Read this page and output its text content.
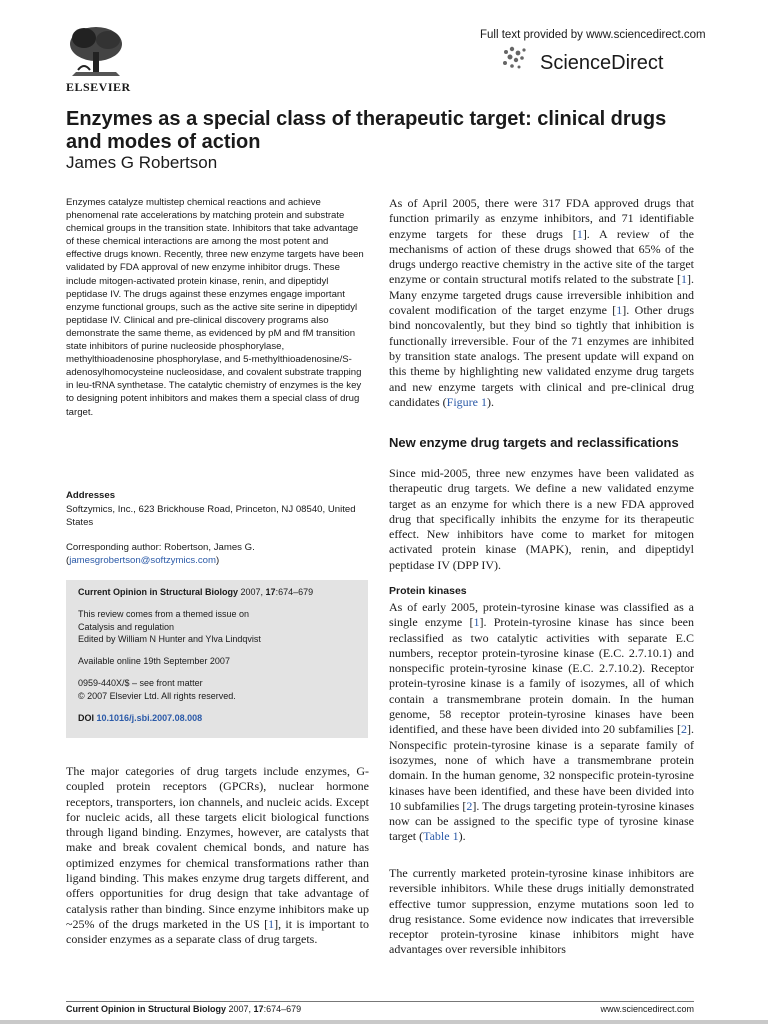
ELSEVIER
Full text provided by www.sciencedirect.com
ScienceDirect
Enzymes as a special class of therapeutic target: clinical drugs and modes of action
James G Robertson

Enzymes catalyze multistep chemical reactions and achieve phenomenal rate accelerations by matching protein and substrate chemical groups in the transition state. Inhibitors that take advantage of these chemical interactions are among the most potent and effective drugs known. Recently, three new enzyme targets have been validated by FDA approval of new enzyme inhibitor drugs. These include mitogen-activated protein kinase, renin, and dipeptidyl peptidase IV. The drugs against these enzymes engage important enzyme functional groups, such as the active site serine in dipeptidyl peptidase IV. Clinical and pre-clinical discovery programs also demonstrate the same theme, as evidenced by pM and fM transition state inhibitors of purine nucleoside phosphorylase, methylthioadenosine phosphorylase, and 5-methylthioadenosine/S-adenosylhomocysteine nucleosidase, and covalent substrate trapping in leu-tRNA synthetase. The catalytic chemistry of enzymes is the key to designing potent inhibitors and makes them a special class of drug target.

Addresses

Softzymics, Inc., 623 Brickhouse Road, Princeton, NJ 08540, United States

Corresponding author: Robertson, James G.
(jamesgrobertson@softzymics.com)

Current Opinion in Structural Biology 2007, 17:674–679

This review comes from a themed issue on

Catalysis and regulation

Edited by William N Hunter and Ylva Lindqvist

Available online 19th September 2007

0959-440X/$ – see front matter

© 2007 Elsevier Ltd. All rights reserved.

DOI 10.1016/j.sbi.2007.08.008

The major categories of drug targets include enzymes, G-coupled protein receptors (GPCRs), nuclear hormone receptors, transporters, ion channels, and nucleic acids. Except for nucleic acids, all these targets elicit biological functions through ligand binding. Enzymes, however, are catalysts that make and break covalent chemical bonds, and nature has optimized enzymes for chemical transformations rather than ligand binding. This makes enzyme drug targets different, and offers opportunities for drug design that take advantage of catalysis rather than binding. Since enzyme inhibitors make up ~25% of the drugs marketed in the US [1], it is important to consider enzymes as a separate class of drug targets.

As of April 2005, there were 317 FDA approved drugs that function primarily as enzyme inhibitors, and 71 identifiable enzyme targets for these drugs [1]. A review of the mechanisms of action of these drugs showed that 65% of the drugs undergo reactive chemistry in the active site of the target enzyme or contain structural motifs related to the substrate [1]. Many enzyme targeted drugs cause irreversible inhibition and covalent modification of the target enzyme [1]. Other drugs bind noncovalently, but they bind so tightly that inhibition is functionally irreversible. Four of the 71 enzymes are inhibited by transition state analogs. The present update will expand on this theme by highlighting new validated enzyme drug targets and new enzyme targets with clinical and pre-clinical drug candidates (Figure 1).

New enzyme drug targets and reclassifications

Since mid-2005, three new enzymes have been validated as therapeutic drug targets. We define a new validated enzyme target as an enzyme for which there is a new FDA approved drug that specifically inhibits the enzyme for its therapeutic effect. New inhibitors have come to market for mitogen activated protein kinase (MAPK), renin, and dipeptidyl peptidase IV (DPP IV).

Protein kinases

As of early 2005, protein-tyrosine kinase was classified as a single enzyme [1]. Protein-tyrosine kinase has since been reclassified as two catalytic activities with separate E.C numbers, receptor protein-tyrosine kinase (E.C. 2.7.10.1) and nonspecific protein-tyrosine kinase (E.C. 2.7.10.2). Receptor protein-tyrosine kinase is a family of isozymes, all of which contain a transmembrane protein domain. In the human genome, 58 receptor protein-tyrosine kinases have been identified, and these have been divided into 20 subfamilies [2]. Nonspecific protein-tyrosine kinase is a separate family of isozymes, none of which have a transmembrane protein domain. In the human genome, 32 nonspecific protein-tyrosine kinases have been identified, and these have been divided into 10 subfamilies [2]. The drugs targeting protein-tyrosine kinases now can be assigned to the specific type of tyrosine kinase target (Table 1).

The currently marketed protein-tyrosine kinase inhibitors are reversible inhibitors. While these drugs initially demonstrated effective tumor suppression, enzyme mutations soon led to drug resistance. Some evidence now indicates that irreversible receptor protein-tyrosine kinase inhibitors might have advantages over reversible inhibitors

Current Opinion in Structural Biology 2007, 17:674–679	www.sciencedirect.com
